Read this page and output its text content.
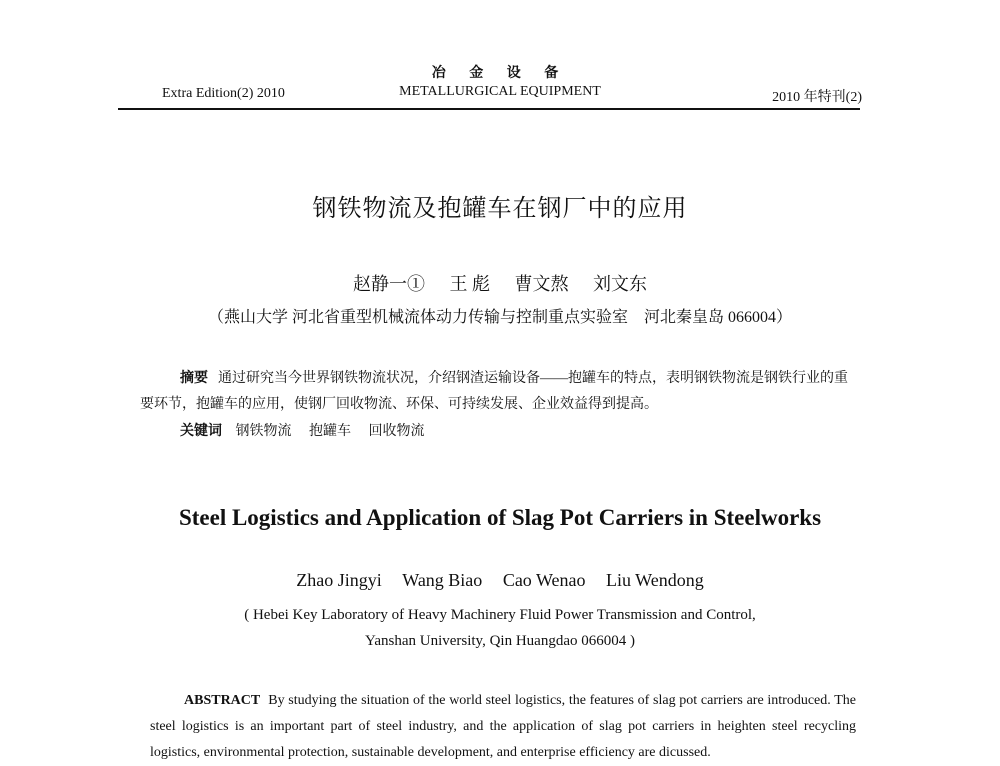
Extra Edition(2) 2010
冶 金 设 备
METALLURGICAL EQUIPMENT	2010 年特刊(2)
钢铁物流及抱罐车在钢厂中的应用
赵静一① 王 彪 曹文熬 刘文东
（燕山大学 河北省重型机械流体动力传输与控制重点实验室　河北秦皇岛 066004）
摘要 通过研究当今世界钢铁物流状况，介绍钢渣运输设备——抱罐车的特点，表明钢铁物流是钢铁行业的重要环节，抱罐车的应用，使钢厂回收物流、环保、可持续发展、企业效益得到提高。
关键词 钢铁物流 抱罐车 回收物流
Steel Logistics and Application of Slag Pot Carriers in Steelworks
Zhao Jingyi Wang Biao Cao Wenao Liu Wendong
( Hebei Key Laboratory of Heavy Machinery Fluid Power Transmission and Control,
Yanshan University, Qin Huangdao 066004 )
ABSTRACT By studying the situation of the world steel logistics, the features of slag pot carriers are introduced. The steel logistics is an important part of steel industry, and the application of slag pot carriers in heighten steel recycling logistics, environmental protection, sustainable development, and enterprise efficiency are dicussed.
